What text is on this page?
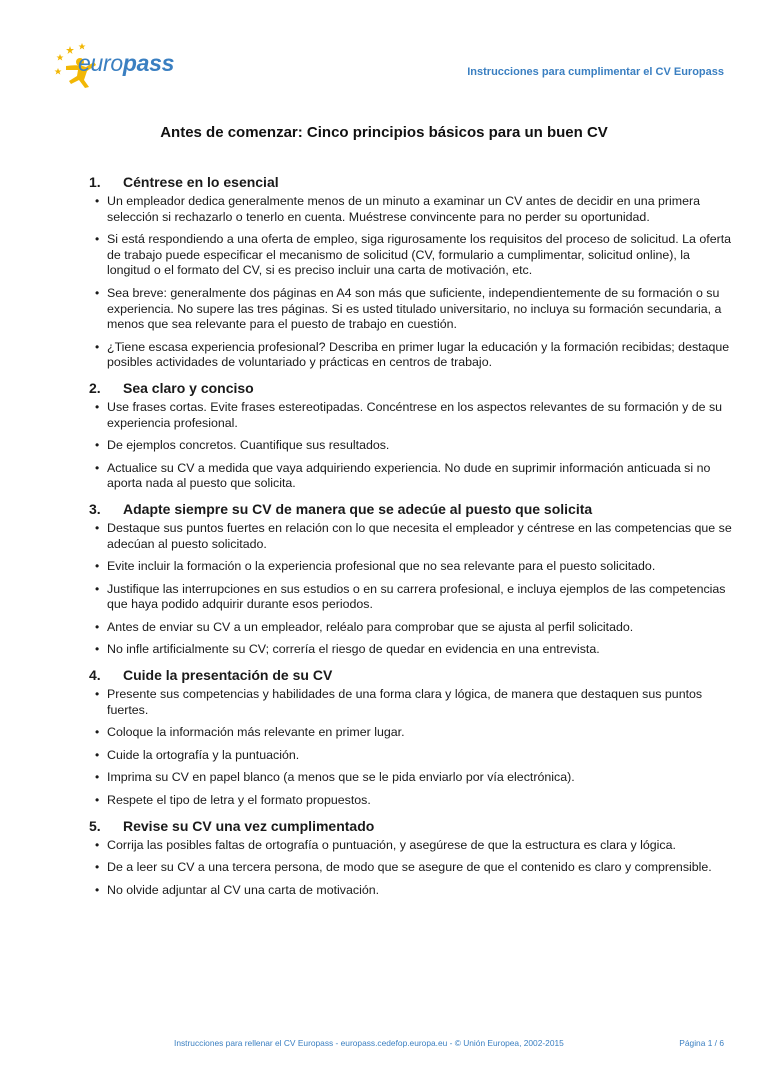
europass	Instrucciones para cumplimentar el CV Europass
Antes de comenzar: Cinco principios básicos para un buen CV
1.	Céntrese en lo esencial
• Un empleador dedica generalmente menos de un minuto a examinar un CV antes de decidir en una primera selección si rechazarlo o tenerlo en cuenta. Muéstrese convincente para no perder su oportunidad.
• Si está respondiendo a una oferta de empleo, siga rigurosamente los requisitos del proceso de solicitud. La oferta de trabajo puede especificar el mecanismo de solicitud (CV, formulario a cumplimentar, solicitud online), la longitud o el formato del CV, si es preciso incluir una carta de motivación, etc.
• Sea breve: generalmente dos páginas en A4 son más que suficiente, independientemente de su formación o su experiencia. No supere las tres páginas. Si es usted titulado universitario, no incluya su formación secundaria, a menos que sea relevante para el puesto de trabajo en cuestión.
• ¿Tiene escasa experiencia profesional? Describa en primer lugar la educación y la formación recibidas; destaque posibles actividades de voluntariado y prácticas en centros de trabajo.
2.	Sea claro y conciso
• Use frases cortas. Evite frases estereotipadas. Concéntrese en los aspectos relevantes de su formación y de su experiencia profesional.
• De ejemplos concretos. Cuantifique sus resultados.
• Actualice su CV a medida que vaya adquiriendo experiencia. No dude en suprimir información anticuada si no aporta nada al puesto que solicita.
3.	Adapte siempre su CV de manera que se adecúe al puesto que solicita
• Destaque sus puntos fuertes en relación con lo que necesita el empleador y céntrese en las competencias que se adecúan al puesto solicitado.
• Evite incluir la formación o la experiencia profesional que no sea relevante para el puesto solicitado.
• Justifique las interrupciones en sus estudios o en su carrera profesional, e incluya ejemplos de las competencias que haya podido adquirir durante esos periodos.
• Antes de enviar su CV a un empleador, reléalo para comprobar que se ajusta al perfil solicitado.
• No infle artificialmente su CV; correría el riesgo de quedar en evidencia en una entrevista.
4.	Cuide la presentación de su CV
• Presente sus competencias y habilidades de una forma clara y lógica, de manera que destaquen sus puntos fuertes.
• Coloque la información más relevante en primer lugar.
• Cuide la ortografía y la puntuación.
• Imprima su CV en papel blanco (a menos que se le pida enviarlo por vía electrónica).
• Respete el tipo de letra y el formato propuestos.
5.	Revise su CV una vez cumplimentado
• Corrija las posibles faltas de ortografía o puntuación, y asegúrese de que la estructura es clara y lógica.
• De a leer su CV a una tercera persona, de modo que se asegure de que el contenido es claro y comprensible.
• No olvide adjuntar al CV una carta de motivación.
Instrucciones para rellenar el CV Europass - europass.cedefop.europa.eu - © Unión Europea, 2002-2015	Página 1 / 6
